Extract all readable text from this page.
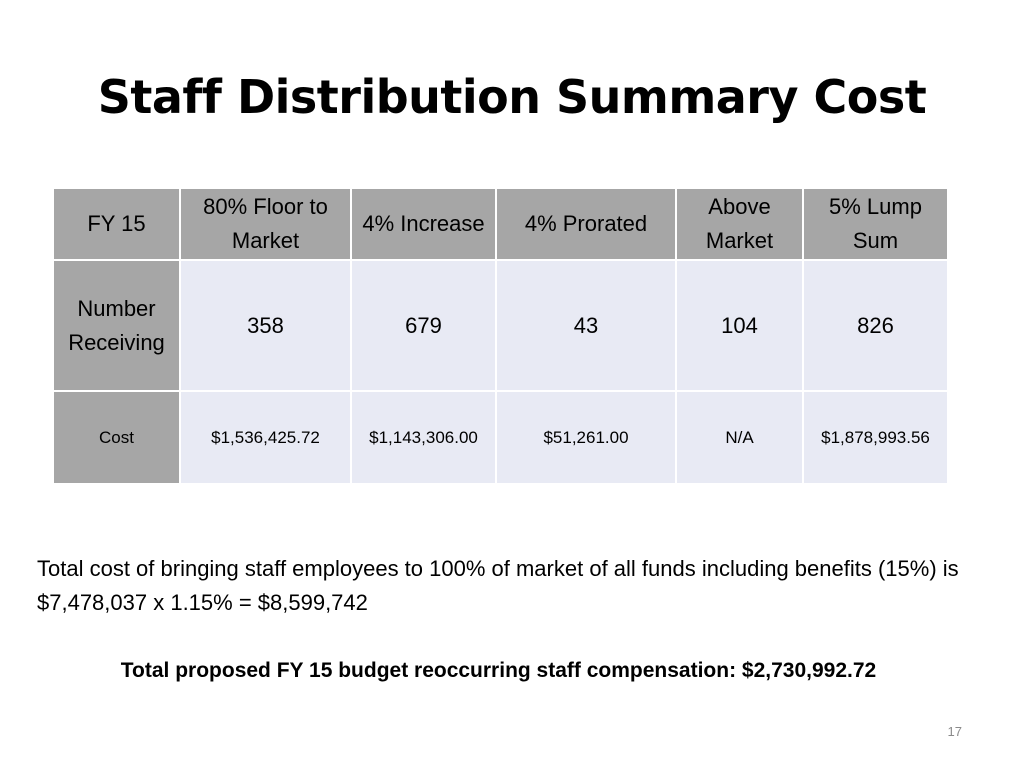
Staff Distribution Summary Cost
FY 15	80% Floor to Market	4% Increase	4% Prorated	Above Market	5% Lump Sum
Number Receiving	358	679	43	104	826
Cost	$1,536,425.72	$1,143,306.00	$51,261.00	N/A	$1,878,993.56
Total cost of bringing staff employees to 100% of market of all funds including benefits (15%) is $7,478,037 x 1.15% = $8,599,742
Total proposed FY 15 budget reoccurring staff compensation: $2,730,992.72
17
